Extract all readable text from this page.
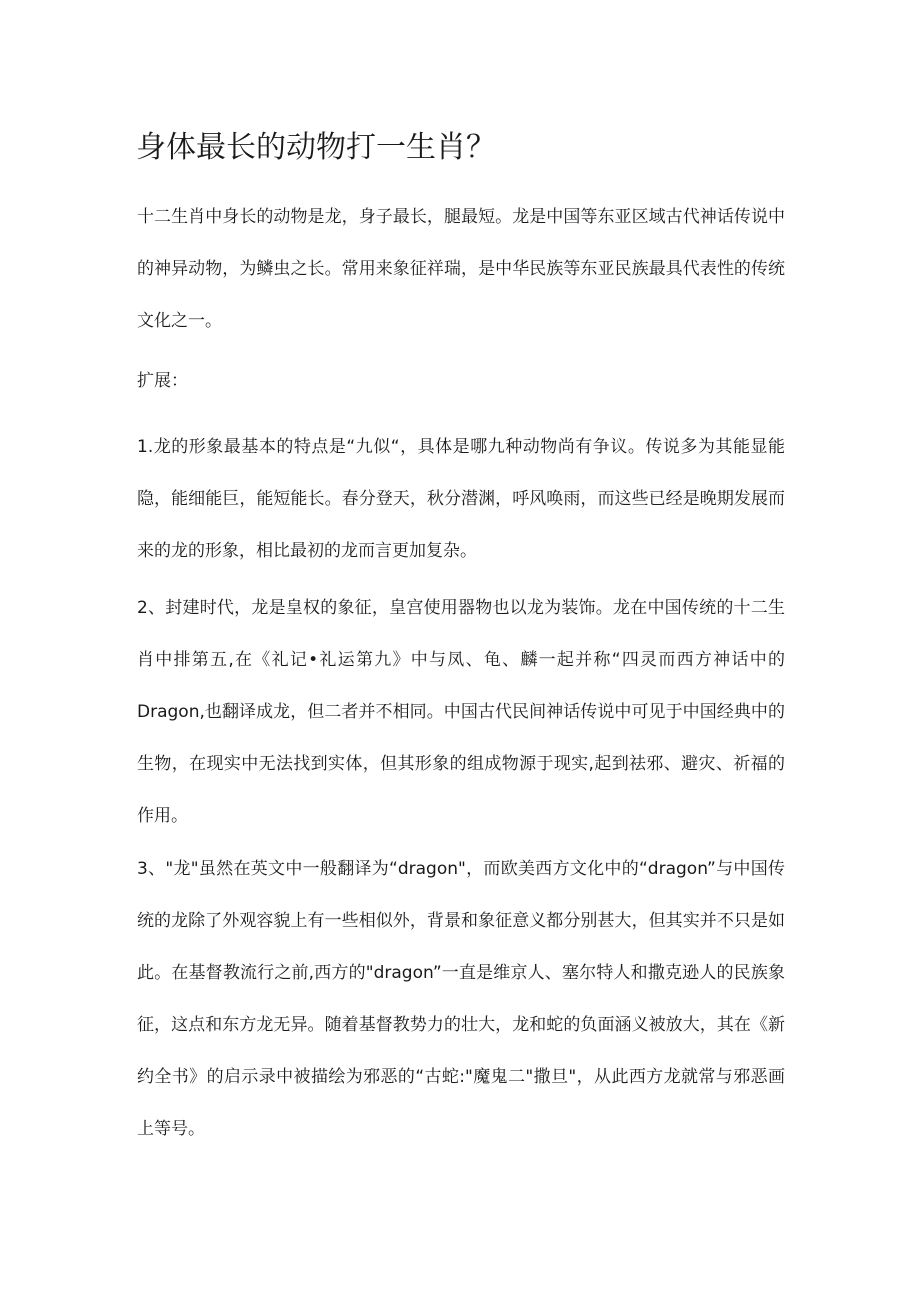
身体最长的动物打一生肖？

十二生肖中身长的动物是龙，身子最长，腿最短。龙是中国等东亚区域古代神话传说中的神异动物，为鳞虫之长。常用来象征祥瑞，是中华民族等东亚民族最具代表性的传统文化之一。

扩展：

1.龙的形象最基本的特点是“九似“，具体是哪九种动物尚有争议。传说多为其能显能隐，能细能巨，能短能长。春分登天，秋分潜渊，呼风唤雨，而这些已经是晚期发展而来的龙的形象，相比最初的龙而言更加复杂。

2、封建时代，龙是皇权的象征，皇宫使用器物也以龙为装饰。龙在中国传统的十二生肖中排第五,在《礼记•礼运第九》中与凤、龟、麟一起并称“四灵而西方神话中的Dragon,也翻译成龙，但二者并不相同。中国古代民间神话传说中可见于中国经典中的生物，在现实中无法找到实体，但其形象的组成物源于现实,起到祛邪、避灾、祈福的作用。

3、"龙"虽然在英文中一般翻译为“dragon"，而欧美西方文化中的“dragon”与中国传统的龙除了外观容貌上有一些相似外，背景和象征意义都分别甚大，但其实并不只是如此。在基督教流行之前,西方的"dragon”一直是维京人、塞尔特人和撒克逊人的民族象征，这点和东方龙无异。随着基督教势力的壮大，龙和蛇的负面涵义被放大，其在《新约全书》的启示录中被描绘为邪恶的“古蛇:"魔鬼二"撒旦"，从此西方龙就常与邪恶画上等号。
